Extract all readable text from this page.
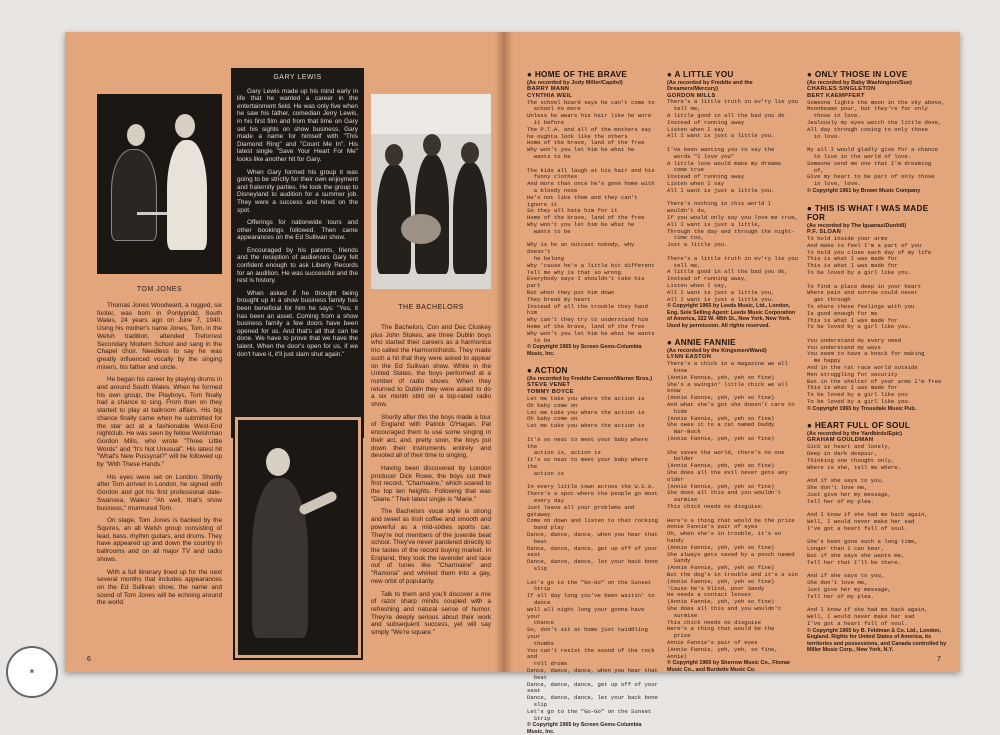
TOM JONES

Thomas Jones Woodward, a rugged, six footer, was born in Pontypridd, South Wales, 24 years ago on June 7, 1940. Using his mother's name Jones, Tom, in the Welsh tradition, attended Treforrest Secondary Modern School and sang in the Chapel choir. Needless to say he was greatly influenced vocally by the singing miners, his father and uncle.

He began his career by playing drums in and around South Wales. When he formed his own group, the Playboys, Tom finally had a chance to sing. From then on they started to play at ballroom affairs. His big chance finally came when he submitted for the star act at a fashionable West-End nightclub. He was seen by fellow Welshman Gordon Mills, who wrote "Three Little Words" and "It's Not Unusual". His latest hit "What's New Pussycat?" will be followed up by "With These Hands."

His eyes were set on London. Shortly after Tom arrived in London, he signed with Gordon and got his first professional date-Swansea, Wales! "Ah well, that's show business," murmured Tom.

On stage, Tom Jones is backed by the Squires, an all Welsh group consisting of lead, bass, rhythm guitars, and drums. They have appeared up and down the country in ballrooms and on all major TV and radio shows.

With a full itinerary lined up for the next several months that includes appearances on the Ed Sullivan show, the name and sound of Tom Jones will be echoing around the world.

6
GARY LEWIS

Gary Lewis made up his mind early in life that he wanted a career in the entertainment field. He was only five when he saw his father, comedian Jerry Lewis, in his first film and from that time on Gary set his sights on show business. Gary made a name for himself with "This Diamond Ring" and "Count Me In". His latest single "Save Your Heart For Me" looks like another hit for Gary.

When Gary formed his group it was going to be strictly for their own enjoyment and fraternity parties. He took the group to Disneyland to audition for a summer job. They were a success and hired on the spot.

Offerings for nationwide tours and other bookings followed. Then came appearances on the Ed Sullivan show.

Encouraged by his parents, friends and the reception of audiences Gary felt confident enough to ask Liberty Records for an audition. He was successful and the rest is history.

When asked if he thought being brought up in a show business family has been beneficial for him he says: "Yes, it has been an asset. Coming from a show business family a few doors have been opened for us. And that's all that can be done. We have to prove that we have the talent. When the door's open for us, if we don't have it, it'll just slam shut again."

THE BACHELORS

The Bachelors, Con and Dec Cluskey plus John Stokes, are three Dublin boys who started their careers as a harmonica trio called the Harmonichords. They made such a hit that they were asked to appear on the Ed Sullivan show. While in the United States, the boys performed at a number of radio shows. When they returned to Dublin they were asked to do a six month stint on a top-rated radio show.

Shortly after this the boys made a tour of England with Patrick O'Hagan. Pat encouraged them to use some singing in their act, and, pretty soon, the boys put down their instruments entirely and devoted all of their time to singing.

Having been discovered by London producer Dick Rowe, the boys cut their first record, "Charmaine," which soared to the top ten heights. Following that was "Diane." Their latest single is "Marie."

The Bachelors vocal style is strong and sweet as Irish coffee and smooth and powerful as a mid-sixties sports car. They're not members of the juvenile beat school. They've never pandered directly to the tastes of the record buying market. In England, they took the lavender and lace out of tunes like "Charmaine" and "Ramona" and whirled them into a gay, new orbit of popularity.

Talk to them and you'll discover a mix of razor sharp minds coupled with a refreshing and natural sense of humor. They're deeply serious about their work and subsequent success, yet will say simply "We're square."

● HOME OF THE BRAVE
(As recorded by Jody Miller/Capitol)
BARRY MANN
CYNTHIA WEIL
The school board says he can't come to
school no more
Unless he wears his hair like he wore
it before
The P.T.A. and all of the mothers say
he oughta look like the others
Home of the brave, land of the free
Why won't you let him be what he
wants to be

The kids all laugh at his hair and his
funny clothes
And more than once he's gone home with
a bloody nose
He's not like them and they can't ignore it
So they all hate him for it
Home of the brave, land of the free
Why won't you let him be what he
wants to be

Why is he an outcast nobody, why doesn't
he belong
Why 'cause he's a little bit different
Tell me why is that so wrong
Everybody says I shouldn't take his part
But when they put him down
They break my heart
Instead of all the trouble they hand him
Why can't they try to understand him
Home of the brave, land of the free
Why won't you let him be what he wants
to be
© Copyright 1965 by Screen Gems-Columbia Music, Inc.
● ACTION
(As recorded by Freddie Cannon/Warner Bros.)
STEVE VENET
TOMMY BOYCE
Let me take you where the action is
Oh baby come on
Let me take you where the action is
Oh baby come on
Let me take you where the action is

It's so neat to meet your baby where the
action is, action is
It's so neat to meet your baby where the
action is

In every little town across the U.S.A.
There's a spot where the people go most
every day
Just leave all your problems and getaway
Come on down and listen to that rocking
band play
Dance, dance, dance, when you hear that
beat
Dance, dance, dance, get up off of your seat
Dance, dance, dance, let your back bone
slip

Let's go to the "Go-Go" on the Sunset
Strip
If all day long you've been waitin' to
dance
Well all night long your gonna have your
chance
So, don't sit at home just twiddling your
thumbs
You can't resist the sound of the rock and
roll drums
Dance, dance, dance, when you hear that
beat
Dance, dance, dance, get up off of your seat
Dance, dance, dance, let your back bone
slip
Let's go to the "Go-Go" on the Sunset
Strip
© Copyright 1965 by Screen Gems-Columbia Music, Inc.
● A LITTLE YOU
(As recorded by Freddie and the Dreamers/Mercury)
GORDON MILLS
There's a little truth in ev'ry lie you
tell me,
A little good in all the bad you do
Instead of running away
Listen when I say
All I want is just a little you.

I've been wanting you to say the
words "I love you"
A little love would make my dreams
come true
Instead of running away
Listen when I say
All I want is just a little you.

There's nothing in this world I wouldn't do,
If you would only say you love me true,
All I want is just a little,
Through the day and through the night-
time too,
Just a little you.

There's a little truth in ev'ry lie you
tell me,
A little good in all the bad you do,
Instead of running away,
Listen when I say,
All I want is just a little you,
All I want is just a little you.
© Copyright 1965 by Leeds Music, Ltd., London, Eng. Sole Selling Agent: Leeds Music Corporation of America, 322 W. 48th St., New York, New York. Used by permission. All rights reserved.
● ANNIE FANNIE
(As recorded by the Kingsmen/Wand)
LYNN EASTON
There's a chick in a magazine we all
know
(Annie Fannie, yeh, yeh so fine)
She's a swingin' little chick we all know
(Annie Fannie, yeh, yeh so fine)
And what she's got she doesn't care to
hide
(Annie Fannie, yeh, yeh so fine)
She owes it to a cat named Daddy
War-Buck
(Annie Fannie, yeh, yeh so fine)

She saves the world, there's no one
bolder
(Annie Fannie, yeh, yeh so fine)
She does all the evil never gets any older
(Annie Fannie, yeh, yeh so fine)
She does all this and you wouldn't
surmise
This chick needs no disguise.

Here's a thing that would be the prize
Annie Fannie's pair of eyes
Oh, when she's in trouble, it's so handy
(Annie Fannie, yeh, yeh so fine)
She always gets saved by a pooch named
Sandy
(Annie Fannie, yeh, yeh so fine)
But the dog's in trouble and it's a sin
(Annie Fannie, yeh, yeh so fine)
'Cause he's blind, poor Sandy
He needs a contact lenses
(Annie Fannie, yeh, yeh so fine)
She does all this and you wouldn't
surmise
This chick needs no disguise
Here's a thing that would be the
prize
Annie Fannie's pair of eyes
(Annie Fannie, yeh, yeh, so fine, Annie)
© Copyright 1965 by Sherrow Music Co., Flomar Music Co., and Burdette Music Co.
● ONLY THOSE IN LOVE
(As recorded by Baby Washington/Sue)
CHARLES SINGLETON
BERT KAEMPFERT
Someone lights the moon in the sky above,
Moonbeams pour, but they're for only
those in love.
Jealously my eyes watch the little dove,
All day through cooing to only those
in love.

My all I would gladly give for a chance
to live in the world of love.
Someone send me one that I'm dreaming
of,
Give my heart to be part of only those
in love, love.
© Copyright 1961 by Brown Music Company
● THIS IS WHAT I WAS MADE FOR
(As recorded by The Iguanas/Dunhill)
P.F. SLOAN
To hold inside your arms
And make to feel I'm a part of you
To hold you close each day of my life
This is what I was made for
This is what I was made for
To be loved by a girl like you.

To find a place deep in your heart
Where pain and sorrow could never
get through
To share these feelings with you
Is good enough for me
This is what I was made for
To be loved by a girl like you.

You understand my every need
You understand my ways
You seem to have a knack for making
me happy
And in the rat race world outside
Men struggling for security
But in the shelter of your arms I'm free
This is what I was made for
To be loved by a girl like you
To be loved by a girl like you.
© Copyright 1965 by Trousdale Music Pub.
● HEART FULL OF SOUL
(As recorded by the Yardbirds/Epic)
GRAHAM GOULDMAN
Sick at heart and lonely,
Deep in dark despair,
Thinking one thought only,
Where is she, tell me where.

And if she says to you,
She don't love me,
Just give her my message,
Tell her of my plea.

And I know if she had me back again,
Well, I would never make her sad
I've got a heart full of soul.

She's been gone such a long time,
Longer than I can bear,
But if she says she wants me,
Tell her that I'll be there.

And if she says to you,
She don't love me,
Just give her my message,
Tell her of my plea.

And I know if she had me back again,
Well, I would never make her sad
I've got a heart full of soul.
© Copyright 1965 by B. Feldman & Co. Ltd., London, England. Rights for United States of America, its territories and possessions, and Canada controlled by Miller Music Corp., New York, N.Y.
7
★
